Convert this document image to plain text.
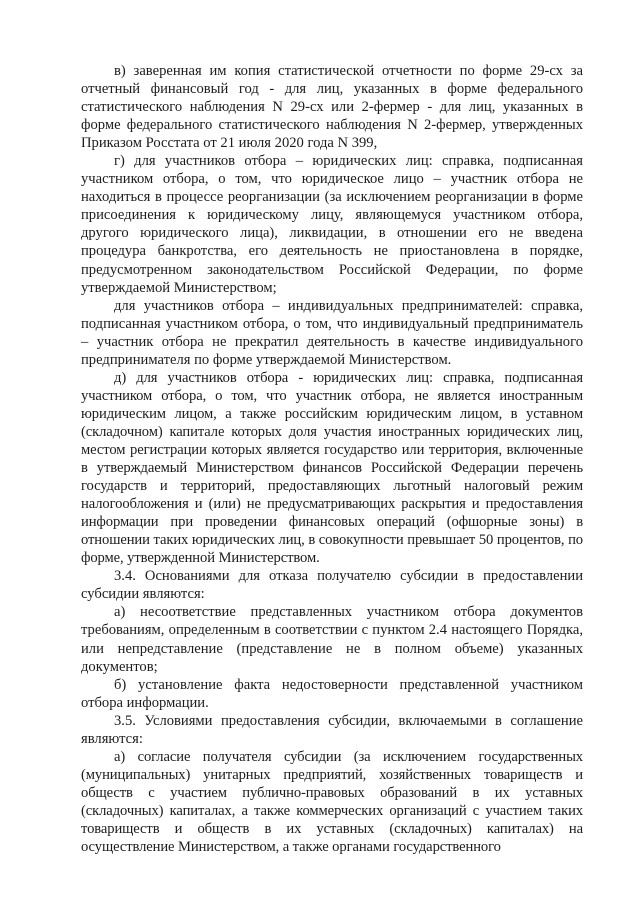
в) заверенная им копия статистической отчетности по форме 29-сх за отчетный финансовый год - для лиц, указанных в форме федерального статистического наблюдения N 29-сх или 2-фермер - для лиц, указанных в форме федерального статистического наблюдения N 2-фермер, утвержденных Приказом Росстата от 21 июля 2020 года N 399,

г) для участников отбора – юридических лиц: справка, подписанная участником отбора, о том, что юридическое лицо – участник отбора не находиться в процессе реорганизации (за исключением реорганизации в форме присоединения к юридическому лицу, являющемуся участником отбора, другого юридического лица), ликвидации, в отношении его не введена процедура банкротства, его деятельность не приостановлена в порядке, предусмотренном законодательством Российской Федерации, по форме утверждаемой Министерством;

для участников отбора – индивидуальных предпринимателей: справка, подписанная участником отбора, о том, что индивидуальный предприниматель – участник отбора не прекратил деятельность в качестве индивидуального предпринимателя по форме утверждаемой Министерством.

д) для участников отбора - юридических лиц: справка, подписанная участником отбора, о том, что участник отбора, не является иностранным юридическим лицом, а также российским юридическим лицом, в уставном (складочном) капитале которых доля участия иностранных юридических лиц, местом регистрации которых является государство или территория, включенные в утверждаемый Министерством финансов Российской Федерации перечень государств и территорий, предоставляющих льготный налоговый режим налогообложения и (или) не предусматривающих раскрытия и предоставления информации при проведении финансовых операций (офшорные зоны) в отношении таких юридических лиц, в совокупности превышает 50 процентов, по форме, утвержденной Министерством.

3.4. Основаниями для отказа получателю субсидии в предоставлении субсидии являются:

а) несоответствие представленных участником отбора документов требованиям, определенным в соответствии с пунктом 2.4 настоящего Порядка, или непредставление (представление не в полном объеме) указанных документов;

б) установление факта недостоверности представленной участником отбора информации.

3.5. Условиями предоставления субсидии, включаемыми в соглашение являются:

а) согласие получателя субсидии (за исключением государственных (муниципальных) унитарных предприятий, хозяйственных товариществ и обществ с участием публично-правовых образований в их уставных (складочных) капиталах, а также коммерческих организаций с участием таких товариществ и обществ в их уставных (складочных) капиталах) на осуществление Министерством, а также органами государственного
